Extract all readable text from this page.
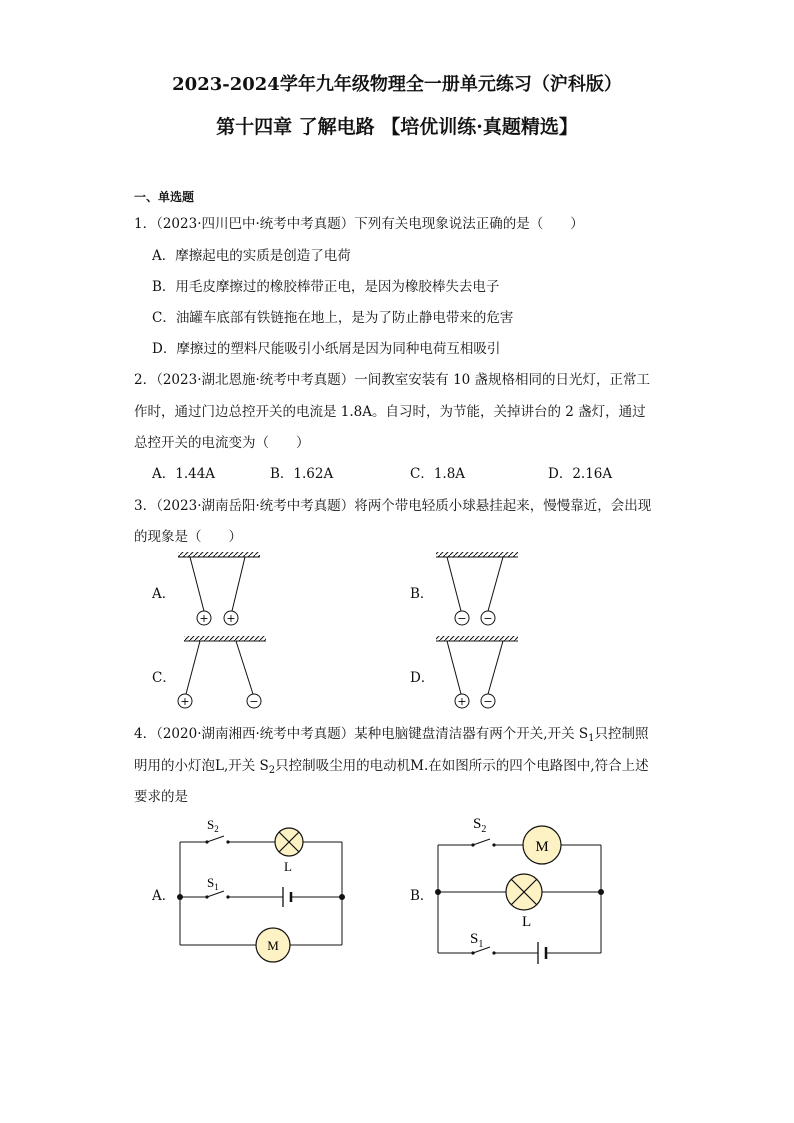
2023-2024学年九年级物理全一册单元练习（沪科版）
第十四章 了解电路 【培优训练·真题精选】
一、单选题
1．（2023·四川巴中·统考中考真题）下列有关电现象说法正确的是（　　）
A．摩擦起电的实质是创造了电荷
B．用毛皮摩擦过的橡胶棒带正电，是因为橡胶棒失去电子
C．油罐车底部有铁链拖在地上，是为了防止静电带来的危害
D．摩擦过的塑料尺能吸引小纸屑是因为同种电荷互相吸引
2．（2023·湖北恩施·统考中考真题）一间教室安装有 10 盏规格相同的日光灯，正常工
作时，通过门边总控开关的电流是 1.8A。自习时，为节能，关掉讲台的 2 盏灯，通过
总控开关的电流变为（　　）
A．1.44A	B．1.62A	C．1.8A	D．2.16A
3．（2023·湖南岳阳·统考中考真题）将两个带电轻质小球悬挂起来，慢慢靠近，会出现
的现象是（　　）
A．	B．
C．	D．
+ +	− −
+	−	+ −
4．（2020·湖南湘西·统考中考真题）某种电脑键盘清洁器有两个开关,开关 $S_1$只控制照
明用的小灯泡L,开关 $S_2$只控制吸尘用的电动机M.在如图所示的四个电路图中,符合上述
要求的是
A．	B．
M
$S_2$
L
$S_1$
M
$S_2$
L
$S_1$
